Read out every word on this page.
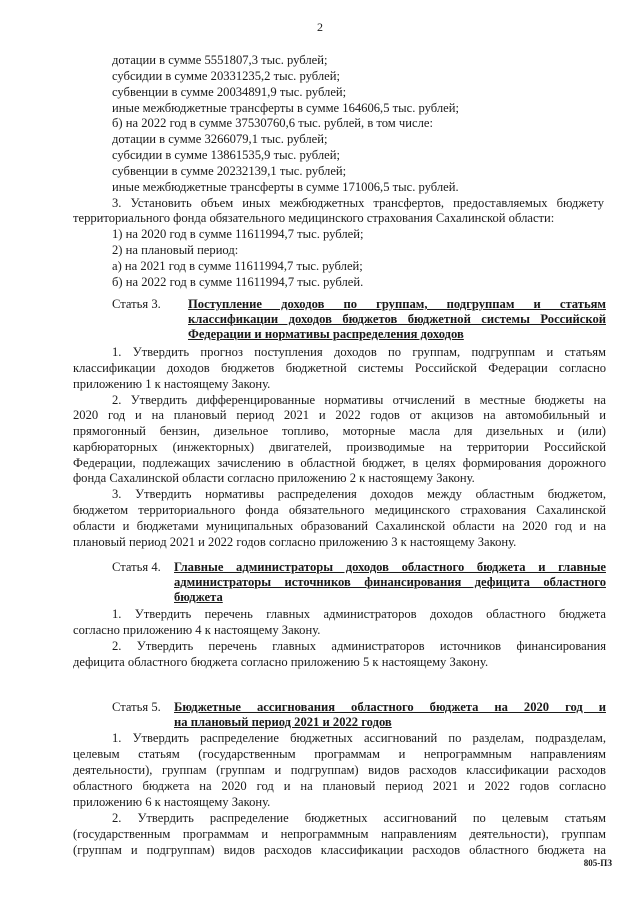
2
дотации в сумме 5551807,3 тыс. рублей;
субсидии в сумме 20331235,2 тыс. рублей;
субвенции в сумме 20034891,9 тыс. рублей;
иные межбюджетные трансферты в сумме 164606,5 тыс. рублей;
б) на 2022 год в сумме 37530760,6 тыс. рублей, в том числе:
дотации в сумме 3266079,1 тыс. рублей;
субсидии в сумме 13861535,9 тыс. рублей;
субвенции в сумме 20232139,1 тыс. рублей;
иные межбюджетные трансферты в сумме 171006,5 тыс. рублей.
3. Установить объем иных межбюджетных трансфертов, предоставляемых бюджету
территориального фонда обязательного медицинского страхования Сахалинской области:
1) на 2020 год в сумме 11611994,7 тыс. рублей;
2) на плановый период:
а) на 2021 год в сумме 11611994,7 тыс. рублей;
б) на 2022 год в сумме 11611994,7 тыс. рублей.
Статья 3. Поступление доходов по группам, подгруппам и статьям
классификации доходов бюджетов бюджетной системы Российской
Федерации и нормативы распределения доходов
1. Утвердить прогноз поступления доходов по группам, подгруппам и статьям
классификации доходов бюджетов бюджетной системы Российской Федерации согласно
приложению 1 к настоящему Закону.
2. Утвердить дифференцированные нормативы отчислений в местные бюджеты на
2020 год и на плановый период 2021 и 2022 годов от акцизов на автомобильный и
прямогонный бензин, дизельное топливо, моторные масла для дизельных и (или)
карбюраторных (инжекторных) двигателей, производимые на территории Российской
Федерации, подлежащих зачислению в областной бюджет, в целях формирования дорожного
фонда Сахалинской области согласно приложению 2 к настоящему Закону.
3. Утвердить нормативы распределения доходов между областным бюджетом,
бюджетом территориального фонда обязательного медицинского страхования Сахалинской
области и бюджетами муниципальных образований Сахалинской области на 2020 год и на
плановый период 2021 и 2022 годов согласно приложению 3 к настоящему Закону.
Статья 4. Главные администраторы доходов областного бюджета и главные
администраторы источников финансирования дефицита областного
бюджета
1. Утвердить перечень главных администраторов доходов областного бюджета
согласно приложению 4 к настоящему Закону.
2. Утвердить перечень главных администраторов источников финансирования
дефицита областного бюджета согласно приложению 5 к настоящему Закону.
Статья 5. Бюджетные ассигнования областного бюджета на 2020 год и
на плановый период 2021 и 2022 годов
1. Утвердить распределение бюджетных ассигнований по разделам, подразделам,
целевым статьям (государственным программам и непрограммным направлениям
деятельности), группам (группам и подгруппам) видов расходов классификации расходов
областного бюджета на 2020 год и на плановый период 2021 и 2022 годов согласно
приложению 6 к настоящему Закону.
2. Утвердить распределение бюджетных ассигнований по целевым статьям
(государственным программам и непрограммным направлениям деятельности), группам
(группам и подгруппам) видов расходов классификации расходов областного бюджета на
805-ПЗ
